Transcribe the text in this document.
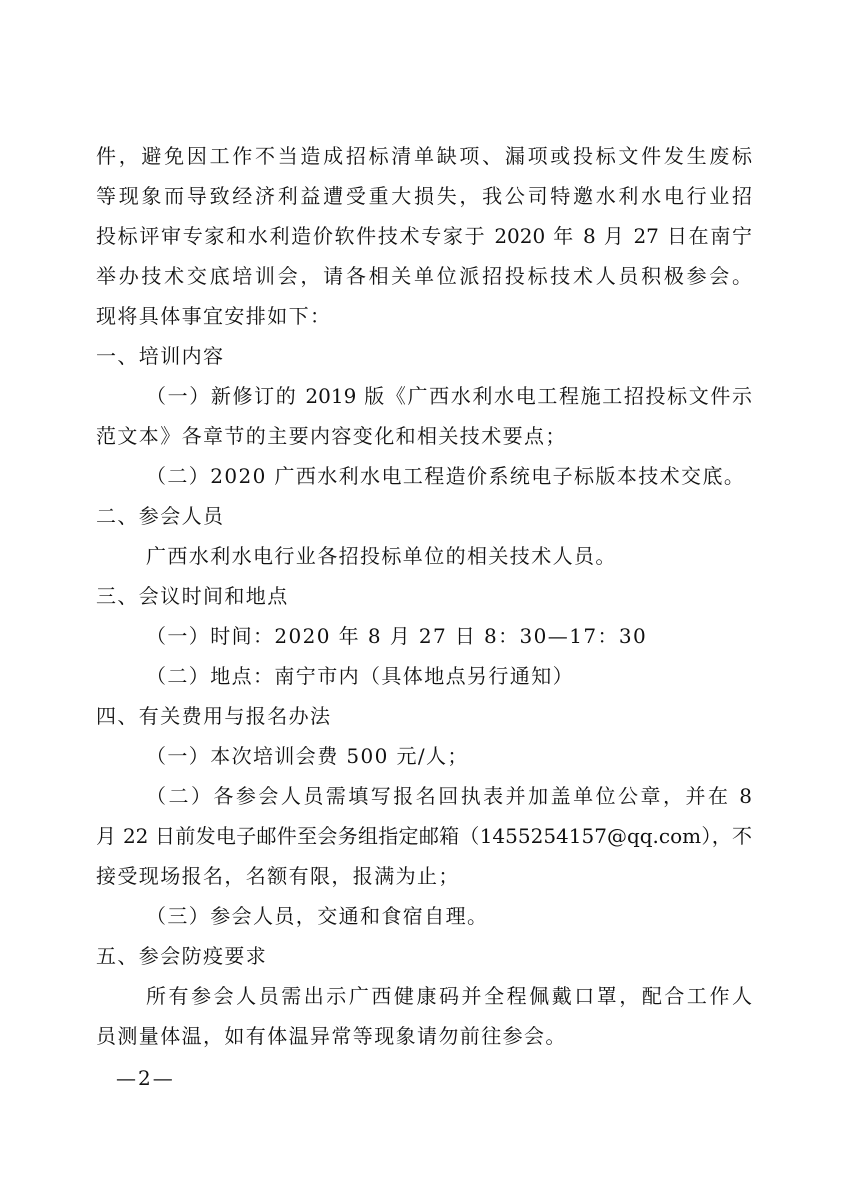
件，避免因工作不当造成招标清单缺项、漏项或投标文件发生废标
等现象而导致经济利益遭受重大损失，我公司特邀水利水电行业招
投标评审专家和水利造价软件技术专家于 2020 年 8 月 27 日在南宁
举办技术交底培训会，请各相关单位派招投标技术人员积极参会。
现将具体事宜安排如下：
一、培训内容
（一）新修订的 2019 版《广西水利水电工程施工招投标文件示
范文本》各章节的主要内容变化和相关技术要点；
（二）2020 广西水利水电工程造价系统电子标版本技术交底。
二、参会人员
广西水利水电行业各招投标单位的相关技术人员。
三、会议时间和地点
（一）时间：2020 年 8 月 27 日 8：30—17：30
（二）地点：南宁市内（具体地点另行通知）
四、有关费用与报名办法
（一）本次培训会费 500 元/人；
（二）各参会人员需填写报名回执表并加盖单位公章，并在 8
月 22 日前发电子邮件至会务组指定邮箱（1455254157@qq.com），不
接受现场报名，名额有限，报满为止；
（三）参会人员，交通和食宿自理。
五、参会防疫要求
所有参会人员需出示广西健康码并全程佩戴口罩，配合工作人
员测量体温，如有体温异常等现象请勿前往参会。
—2—
